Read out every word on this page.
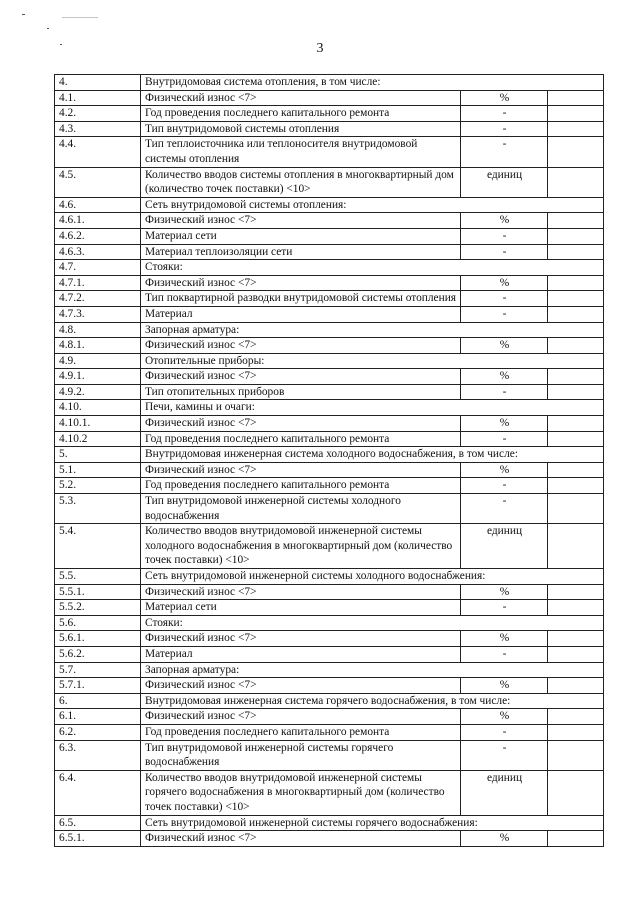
3
4.	Внутридомовая система отопления, в том числе:		
4.1.	Физический износ <7>	%	
4.2.	Год проведения последнего капитального ремонта	-	
4.3.	Тип внутридомовой системы отопления	-	
4.4.	Тип теплоисточника или теплоносителя внутридомовой системы отопления	-	
4.5.	Количество вводов системы отопления в многоквартирный дом (количество точек поставки) <10>	единиц	
4.6.	Сеть внутридомовой системы отопления:		
4.6.1.	Физический износ <7>	%	
4.6.2.	Материал сети	-	
4.6.3.	Материал теплоизоляции сети	-	
4.7.	Стояки:		
4.7.1.	Физический износ <7>	%	
4.7.2.	Тип поквартирной разводки внутридомовой системы отопления	-	
4.7.3.	Материал	-	
4.8.	Запорная арматура:		
4.8.1.	Физический износ <7>	%	
4.9.	Отопительные приборы:		
4.9.1.	Физический износ <7>	%	
4.9.2.	Тип отопительных приборов	-	
4.10.	Печи, камины и очаги:		
4.10.1.	Физический износ <7>	%	
4.10.2	Год проведения последнего капитального ремонта	-	
5.	Внутридомовая инженерная система холодного водоснабжения, в том числе:		
5.1.	Физический износ <7>	%	
5.2.	Год проведения последнего капитального ремонта	-	
5.3.	Тип внутридомовой инженерной системы холодного водоснабжения	-	
5.4.	Количество вводов внутридомовой инженерной системы холодного водоснабжения в многоквартирный дом (количество точек поставки) <10>	единиц	
5.5.	Сеть внутридомовой инженерной системы холодного водоснабжения:		
5.5.1.	Физический износ <7>	%	
5.5.2.	Материал сети	-	
5.6.	Стояки:		
5.6.1.	Физический износ <7>	%	
5.6.2.	Материал	-	
5.7.	Запорная арматура:		
5.7.1.	Физический износ <7>	%	
6.	Внутридомовая инженерная система горячего водоснабжения, в том числе:		
6.1.	Физический износ <7>	%	
6.2.	Год проведения последнего капитального ремонта	-	
6.3.	Тип внутридомовой инженерной системы горячего водоснабжения	-	
6.4.	Количество вводов внутридомовой инженерной системы горячего водоснабжения в многоквартирный дом (количество точек поставки) <10>	единиц	
6.5.	Сеть внутридомовой инженерной системы горячего водоснабжения:		
6.5.1.	Физический износ <7>	%	
